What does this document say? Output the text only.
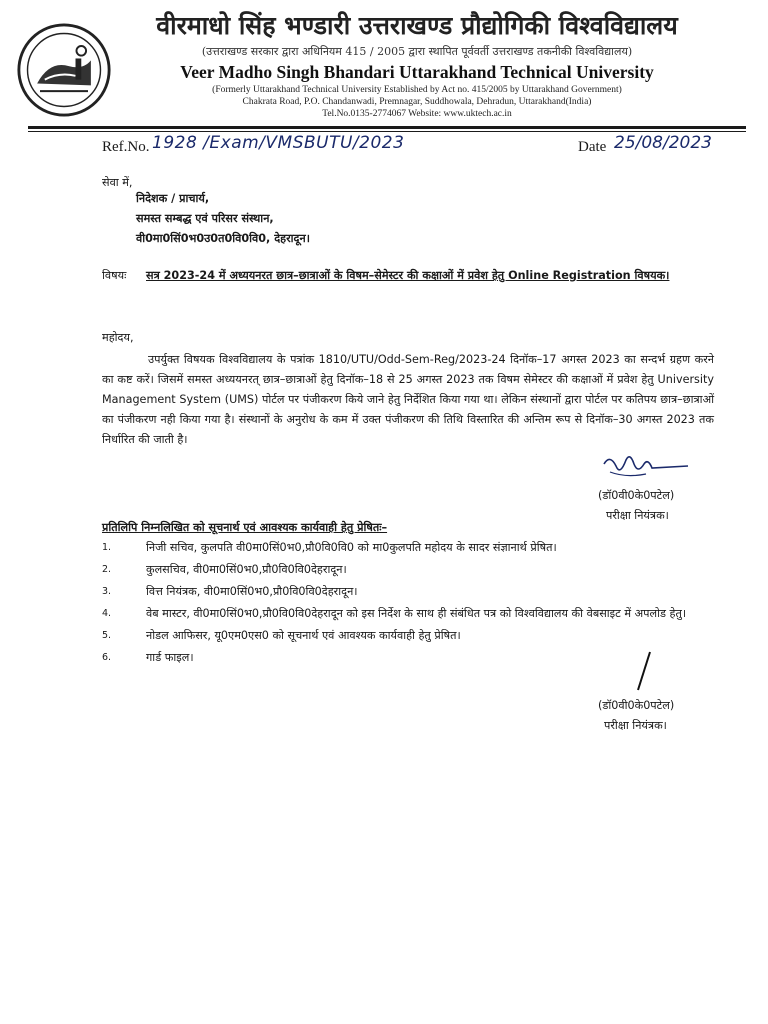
वीरमाधो सिंह भण्डारी उत्तराखण्ड प्रौद्योगिकी विश्वविद्यालय
(उत्तराखण्ड सरकार द्वारा अधिनियम 415 / 2005 द्वारा स्थापित पूर्ववर्ती उत्तराखण्ड तकनीकी विश्वविद्यालय)
Veer Madho Singh Bhandari Uttarakhand Technical University
(Formerly Uttarakhand Technical University Established by Act no. 415/2005 by Uttarakhand Government)
Chakrata Road, P.O. Chandanwadi, Premnagar, Suddhowala, Dehradun, Uttarakhand(India)
Tel.No.0135-2774067 Website: www.uktech.ac.in
Ref.No. 1928 /Exam/VMSBUTU/2023	Date 25/08/2023
सेवा में,
निदेशक / प्राचार्य,
समस्त सम्बद्ध एवं परिसर संस्थान,
वी0मा0सिं0भ0उ0त0वि0वि0, देहरादून।
विषयः सत्र 2023-24 में अध्ययनरत छात्र–छात्राओं के विषम–सेमेस्टर की कक्षाओं में प्रवेश हेतु Online Registration विषयक।
महोदय,
उपर्युक्त विषयक विश्वविद्यालय के पत्रांक 1810/UTU/Odd-Sem-Reg/2023-24 दिनॉक–17 अगस्त 2023 का सन्दर्भ ग्रहण करने का कष्ट करें। जिसमें समस्त अध्ययनरत् छात्र–छात्राओं हेतु दिनॉक–18 से 25 अगस्त 2023 तक विषम सेमेस्टर की कक्षाओं में प्रवेश हेतु University Management System (UMS) पोर्टल पर पंजीकरण किये जाने हेतु निर्देशित किया गया था। लेकिन संस्थानों द्वारा पोर्टल पर कतिपय छात्र–छात्राओं का पंजीकरण नही किया गया है। संस्थानों के अनुरोध के कम में उक्त पंजीकरण की तिथि विस्तारित की अन्तिम रूप से दिनॉक–30 अगस्त 2023 तक निर्धारित की जाती है।
(डॉ0वी0के0पटेल)
परीक्षा नियंत्रक।
प्रतिलिपि निम्नलिखित को सूचनार्थ एवं आवश्यक कार्यवाही हेतु प्रेषितः–
1.	निजी सचिव, कुलपति वी0मा0सिं0भ0,प्रौ0वि0वि0 को मा0कुलपति महोदय के सादर संज्ञानार्थ प्रेषित।
2.	कुलसचिव, वी0मा0सिं0भ0,प्रौ0वि0वि0देहरादून।
3.	वित्त नियंत्रक, वी0मा0सिं0भ0,प्रौ0वि0वि0देहरादून।
4.	वेब मास्टर, वी0मा0सिं0भ0,प्रौ0वि0वि0देहरादून को इस निर्देश के साथ ही संबंधित पत्र को विश्वविद्यालय की वेबसाइट में अपलोड हेतु।
5.	नोडल आफिसर, यू0एम0एस0 को सूचनार्थ एवं आवश्यक कार्यवाही हेतु प्रेषित।
6.	गार्ड फाइल।
(डॉ0वी0के0पटेल)
परीक्षा नियंत्रक।
